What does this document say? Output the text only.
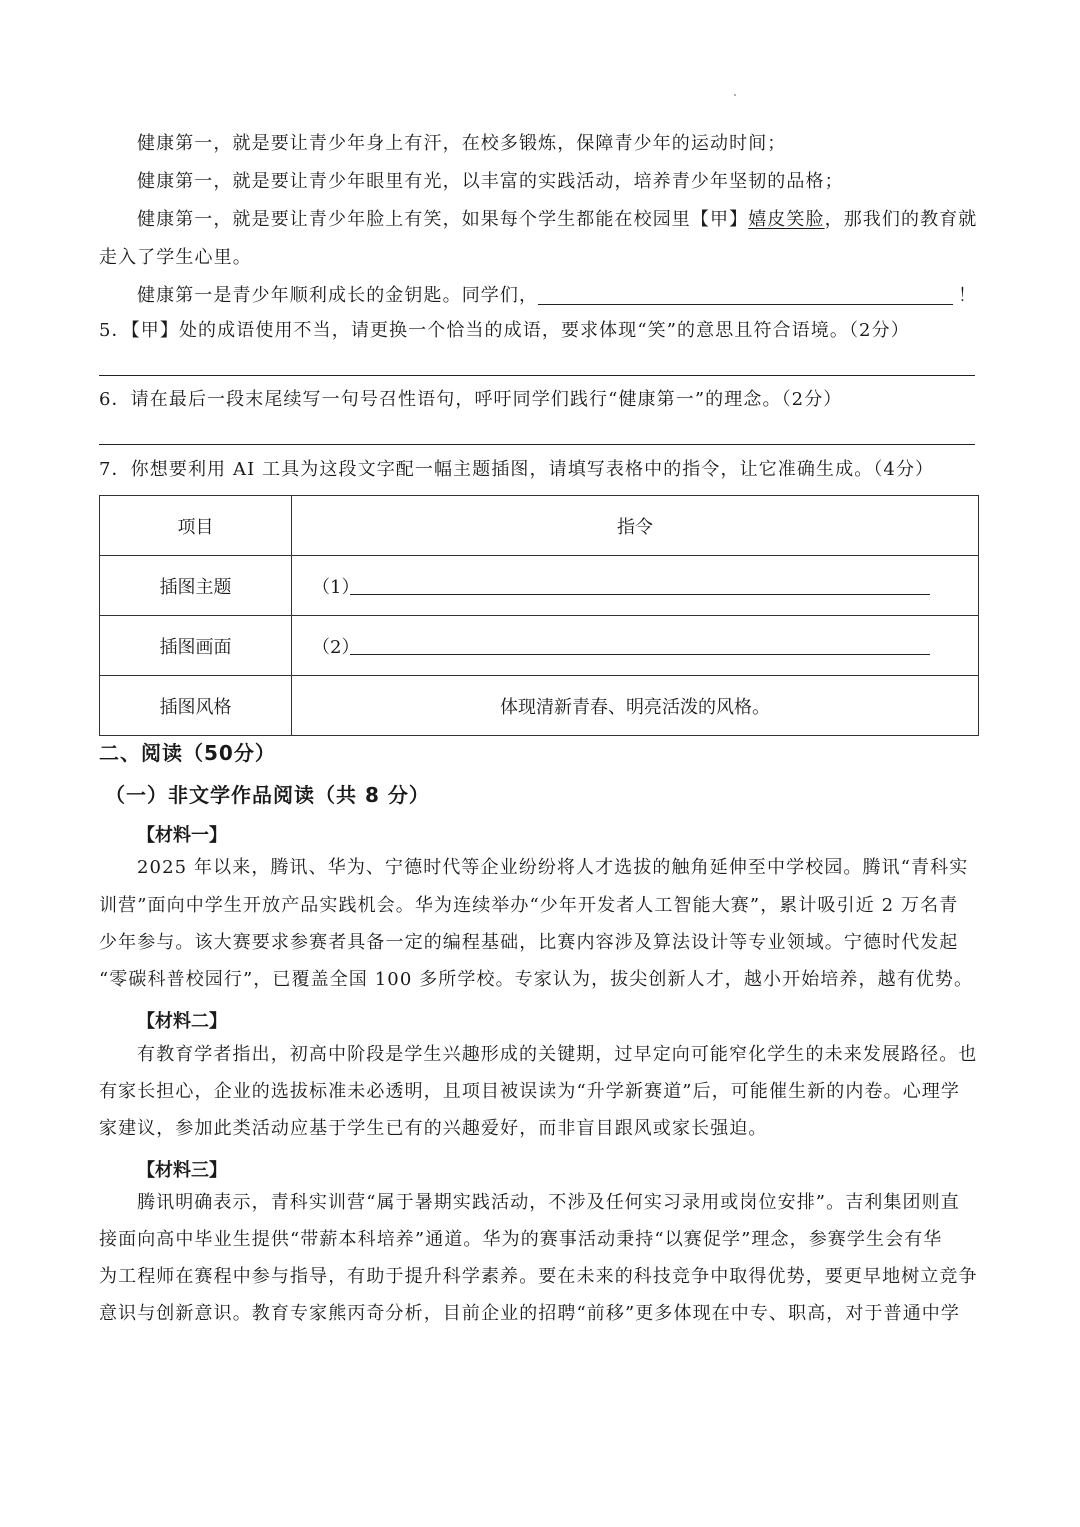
健康第一，就是要让青少年身上有汗，在校多锻炼，保障青少年的运动时间；
健康第一，就是要让青少年眼里有光，以丰富的实践活动，培养青少年坚韧的品格；
健康第一，就是要让青少年脸上有笑，如果每个学生都能在校园里【甲】嬉皮笑脸，那我们的教育就
走入了学生心里。
健康第一是青少年顺利成长的金钥匙。同学们，	！
5．【甲】处的成语使用不当，请更换一个恰当的成语，要求体现“笑”的意思且符合语境。（2分）
6．请在最后一段末尾续写一句号召性语句，呼吁同学们践行“健康第一”的理念。（2分）
7．你想要利用 AI 工具为这段文字配一幅主题插图，请填写表格中的指令，让它准确生成。（4分）
项目	指令
插图主题	（1）

插图画面	（2）

插图风格	体现清新青春、明亮活泼的风格。
二、阅读（50分）
（一）非文学作品阅读（共 8 分）
【材料一】
2025 年以来，腾讯、华为、宁德时代等企业纷纷将人才选拔的触角延伸至中学校园。腾讯“青科实
训营”面向中学生开放产品实践机会。华为连续举办“少年开发者人工智能大赛”，累计吸引近 2 万名青
少年参与。该大赛要求参赛者具备一定的编程基础，比赛内容涉及算法设计等专业领域。宁德时代发起
“零碳科普校园行”，已覆盖全国 100 多所学校。专家认为，拔尖创新人才，越小开始培养，越有优势。
【材料二】
有教育学者指出，初高中阶段是学生兴趣形成的关键期，过早定向可能窄化学生的未来发展路径。也
有家长担心，企业的选拔标准未必透明，且项目被误读为“升学新赛道”后，可能催生新的内卷。心理学
家建议，参加此类活动应基于学生已有的兴趣爱好，而非盲目跟风或家长强迫。
【材料三】
腾讯明确表示，青科实训营“属于暑期实践活动，不涉及任何实习录用或岗位安排”。吉利集团则直
接面向高中毕业生提供“带薪本科培养”通道。华为的赛事活动秉持“以赛促学”理念，参赛学生会有华
为工程师在赛程中参与指导，有助于提升科学素养。要在未来的科技竞争中取得优势，要更早地树立竞争
意识与创新意识。教育专家熊丙奇分析，目前企业的招聘“前移”更多体现在中专、职高，对于普通中学
